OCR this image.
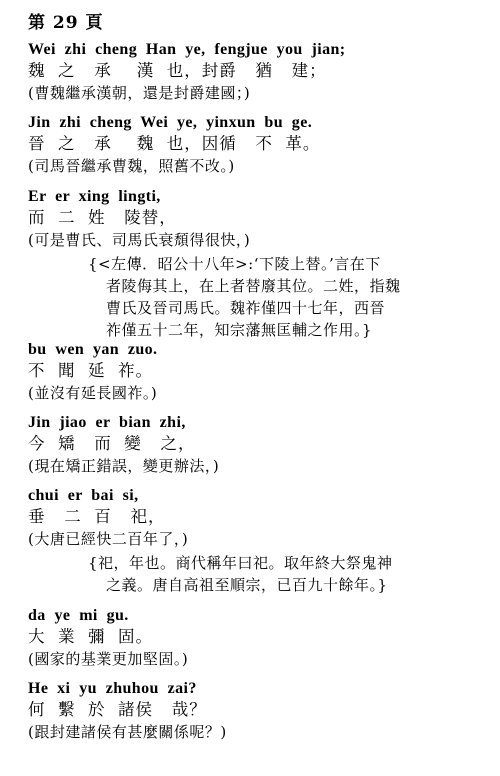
第 29 頁
Wei  zhi  cheng  Han  ye,  fengjue  you  jian;
魏  之   承    漢  也，封爵   猶   建；
(曹魏繼承漢朝，還是封爵建國；)
Jin  zhi  cheng  Wei  ye,  yinxun  bu  ge.
晉  之   承    魏  也，因循   不  革。
(司馬晉繼承曹魏，照舊不改。)
Er  er  xing  lingti,
而  二  姓   陵替，
(可是曹氏、司馬氏衰頹得很快，)
{<左傳．昭公十八年>:‘下陵上替。’言在下
者陵侮其上，在上者替廢其位。二姓，指魏
曹氏及晉司馬氏。魏祚僅四十七年，西晉
祚僅五十二年，知宗藩無匡輔之作用。}
bu  wen  yan  zuo.
不  聞  延  祚。
(並沒有延長國祚。)
Jin  jiao  er  bian  zhi,
今  矯   而  變   之，
(現在矯正錯誤，變更辦法，)
chui  er  bai  si,
垂   二  百   祀，
(大唐已經快二百年了，)
{祀，年也。商代稱年曰祀。取年終大祭鬼神
之義。唐自高祖至順宗，已百九十餘年。}
da  ye  mi  gu.
大  業  彌  固。
(國家的基業更加堅固。)
He  xi  yu  zhuhou  zai?
何  繫  於  諸侯   哉？
(跟封建諸侯有甚麼關係呢？)
